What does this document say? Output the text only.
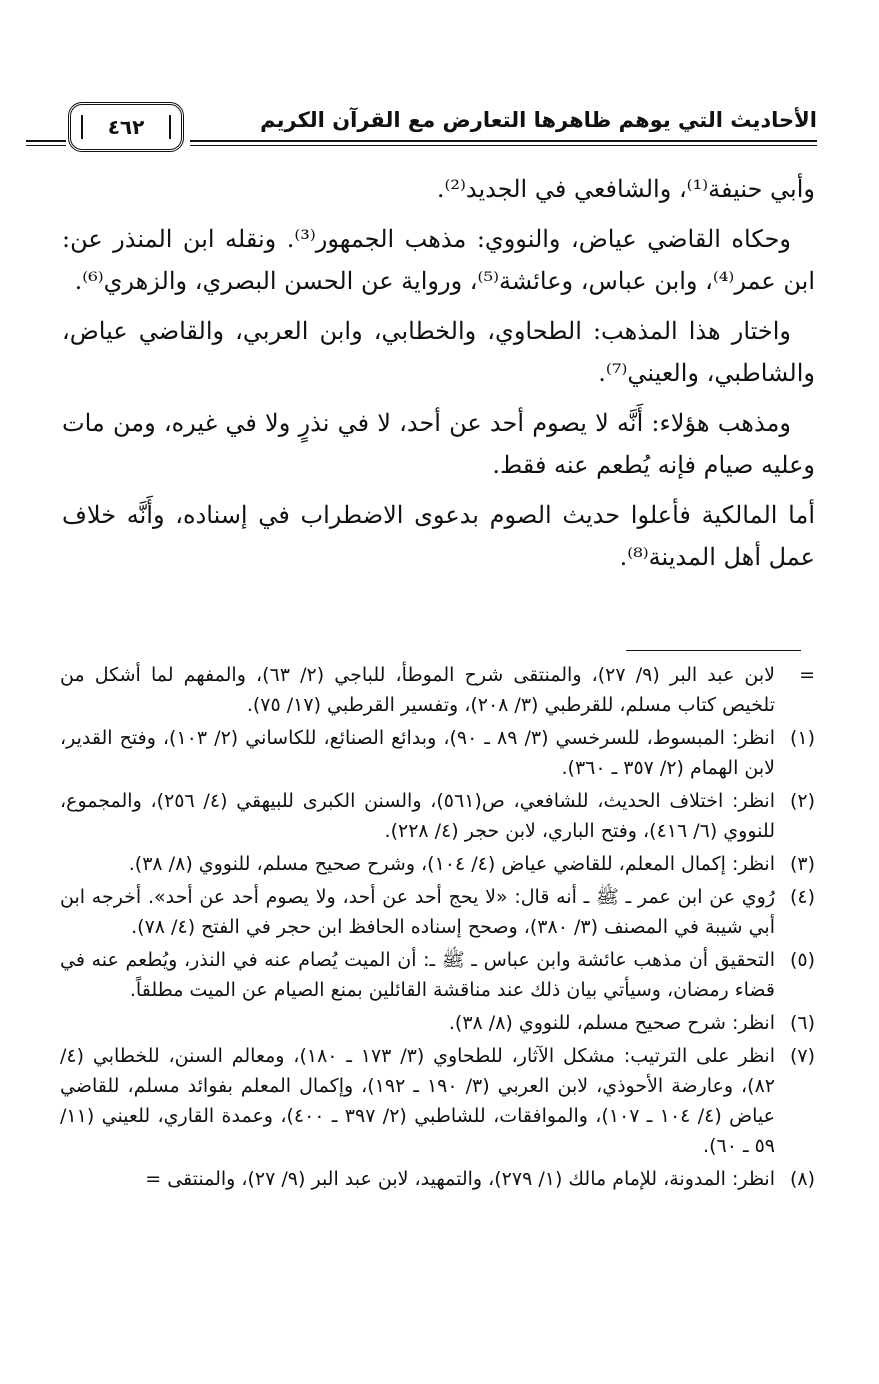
الأحاديث التي يوهم ظاهرها التعارض مع القرآن الكريم
٤٦٢

وأبي حنيفة⁽¹⁾، والشافعي في الجديد⁽²⁾.

وحكاه القاضي عياض، والنووي: مذهب الجمهور⁽³⁾. ونقله ابن المنذر عن: ابن عمر⁽⁴⁾، وابن عباس، وعائشة⁽⁵⁾، ورواية عن الحسن البصري، والزهري⁽⁶⁾.

واختار هذا المذهب: الطحاوي، والخطابي، وابن العربي، والقاضي عياض، والشاطبي، والعيني⁽⁷⁾.

ومذهب هؤلاء: أَنَّه لا يصوم أحد عن أحد، لا في نذرٍ ولا في غيره، ومن مات وعليه صيام فإنه يُطعم عنه فقط.

أما المالكية فأعلوا حديث الصوم بدعوى الاضطراب في إسناده، وأَنَّه خلاف عمل أهل المدينة⁽⁸⁾.

=
لابن عبد البر (٩/ ٢٧)، والمنتقى شرح الموطأ، للباجي (٢/ ٦٣)، والمفهم لما أشكل من تلخيص كتاب مسلم، للقرطبي (٣/ ٢٠٨)، وتفسير القرطبي (١٧/ ٧٥).
(١)
انظر: المبسوط، للسرخسي (٣/ ٨٩ ـ ٩٠)، وبدائع الصنائع، للكاساني (٢/ ١٠٣)، وفتح القدير، لابن الهمام (٢/ ٣٥٧ ـ ٣٦٠).
(٢)
انظر: اختلاف الحديث، للشافعي، ص(٥٦١)، والسنن الكبرى للبيهقي (٤/ ٢٥٦)، والمجموع، للنووي (٦/ ٤١٦)، وفتح الباري، لابن حجر (٤/ ٢٢٨).
(٣)
انظر: إكمال المعلم، للقاضي عياض (٤/ ١٠٤)، وشرح صحيح مسلم، للنووي (٨/ ٣٨).
(٤)
رُوي عن ابن عمر ـ ﷺ ـ أنه قال: «لا يحج أحد عن أحد، ولا يصوم أحد عن أحد». أخرجه ابن أبي شيبة في المصنف (٣/ ٣٨٠)، وصحح إسناده الحافظ ابن حجر في الفتح (٤/ ٧٨).
(٥)
التحقيق أن مذهب عائشة وابن عباس ـ ﷺ ـ: أن الميت يُصام عنه في النذر، ويُطعم عنه في قضاء رمضان، وسيأتي بيان ذلك عند مناقشة القائلين بمنع الصيام عن الميت مطلقاً.
(٦)
انظر: شرح صحيح مسلم، للنووي (٨/ ٣٨).
(٧)
انظر على الترتيب: مشكل الآثار، للطحاوي (٣/ ١٧٣ ـ ١٨٠)، ومعالم السنن، للخطابي (٤/ ٨٢)، وعارضة الأحوذي، لابن العربي (٣/ ١٩٠ ـ ١٩٢)، وإكمال المعلم بفوائد مسلم، للقاضي عياض (٤/ ١٠٤ ـ ١٠٧)، والموافقات، للشاطبي (٢/ ٣٩٧ ـ ٤٠٠)، وعمدة القاري، للعيني (١١/ ٥٩ ـ ٦٠).
(٨)
انظر: المدونة، للإمام مالك (١/ ٢٧٩)، والتمهيد، لابن عبد البر (٩/ ٢٧)، والمنتقى =
